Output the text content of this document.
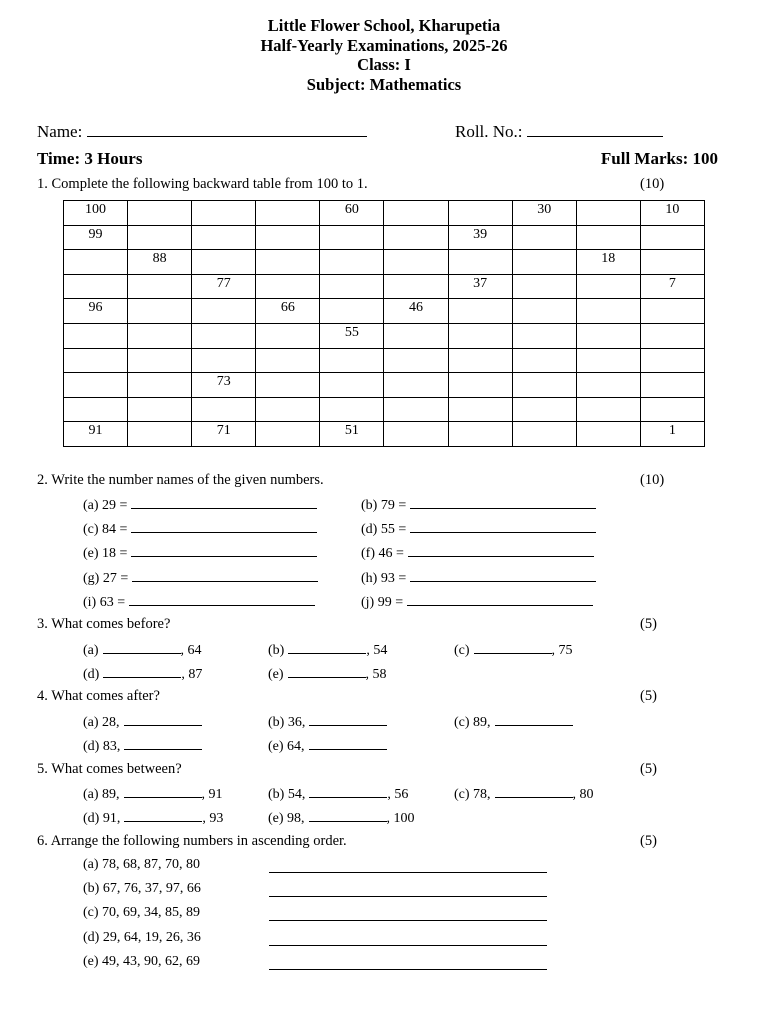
Little Flower School, Kharupetia
Half-Yearly Examinations, 2025-26
Class: I
Subject: Mathematics
Name:	Roll. No.:
Time: 3 Hours	Full Marks: 100
1. Complete the following backward table from 100 to 1.	(10)
100				60			30		10
99						39			
	88							18	
		77				37			7
96			66		46				
				55					

		73							

91		71		51					1
2. Write the number names of the given numbers.	(10)
(a) 29 =	(b) 79 =
(c) 84 =	(d) 55 =
(e) 18 =	(f) 46 =
(g) 27 =	(h) 93 =
(i) 63 =	(j) 99 =
3. What comes before?	(5)
(a)	, 64	(b)	, 54	(c)	, 75
(d)	, 87	(e)	, 58
4. What comes after?	(5)
(a) 28,	(b) 36,	(c) 89,
(d) 83,	(e) 64,
5. What comes between?	(5)
(a) 89,	, 91	(b) 54,	, 56	(c) 78,	, 80
(d) 91,	, 93	(e) 98,	, 100
6. Arrange the following numbers in ascending order.	(5)
(a) 78, 68, 87, 70, 80
(b) 67, 76, 37, 97, 66
(c) 70, 69, 34, 85, 89
(d) 29, 64, 19, 26, 36
(e) 49, 43, 90, 62, 69
